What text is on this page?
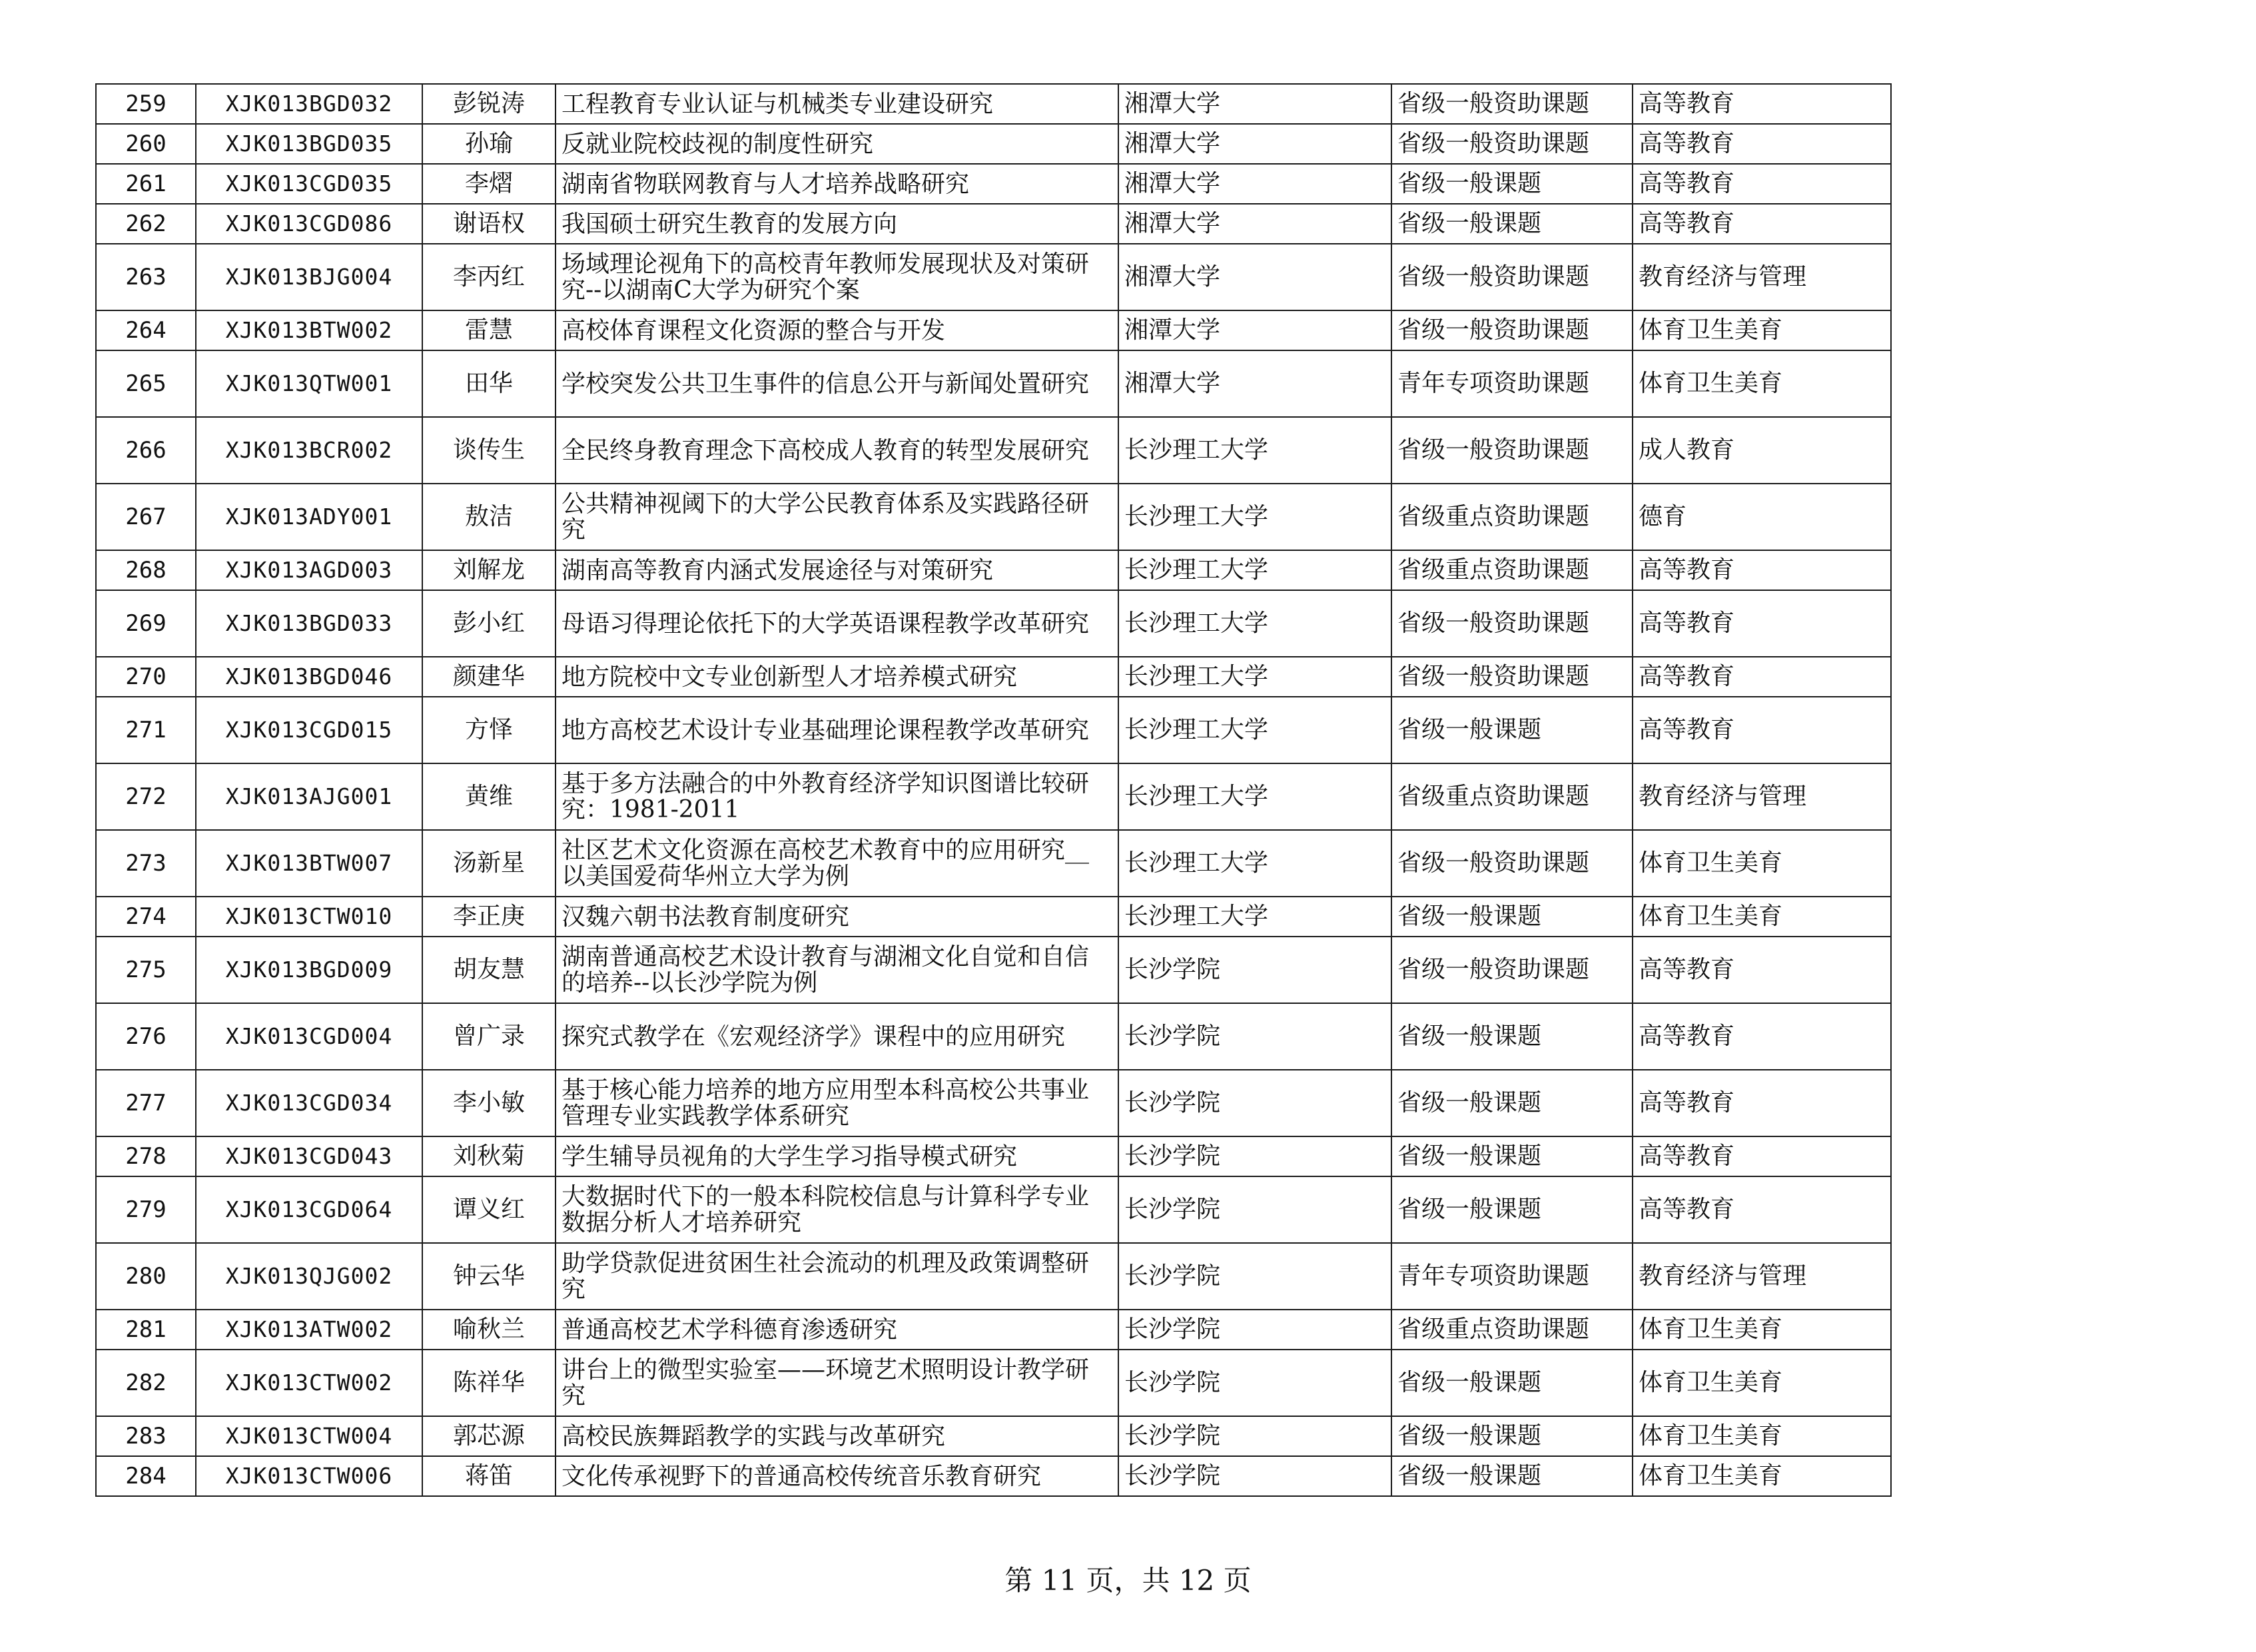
259	XJK013BGD032	彭锐涛	工程教育专业认证与机械类专业建设研究	湘潭大学	省级一般资助课题	高等教育
260	XJK013BGD035	孙瑜	反就业院校歧视的制度性研究	湘潭大学	省级一般资助课题	高等教育
261	XJK013CGD035	李熠	湖南省物联网教育与人才培养战略研究	湘潭大学	省级一般课题	高等教育
262	XJK013CGD086	谢语权	我国硕士研究生教育的发展方向	湘潭大学	省级一般课题	高等教育
263	XJK013BJG004	李丙红	场域理论视角下的高校青年教师发展现状及对策研究--以湖南C大学为研究个案	湘潭大学	省级一般资助课题	教育经济与管理
264	XJK013BTW002	雷慧	高校体育课程文化资源的整合与开发	湘潭大学	省级一般资助课题	体育卫生美育
265	XJK013QTW001	田华	学校突发公共卫生事件的信息公开与新闻处置研究	湘潭大学	青年专项资助课题	体育卫生美育
266	XJK013BCR002	谈传生	全民终身教育理念下高校成人教育的转型发展研究	长沙理工大学	省级一般资助课题	成人教育
267	XJK013ADY001	敖洁	公共精神视阈下的大学公民教育体系及实践路径研究	长沙理工大学	省级重点资助课题	德育
268	XJK013AGD003	刘解龙	湖南高等教育内涵式发展途径与对策研究	长沙理工大学	省级重点资助课题	高等教育
269	XJK013BGD033	彭小红	母语习得理论依托下的大学英语课程教学改革研究	长沙理工大学	省级一般资助课题	高等教育
270	XJK013BGD046	颜建华	地方院校中文专业创新型人才培养模式研究	长沙理工大学	省级一般资助课题	高等教育
271	XJK013CGD015	方怿	地方高校艺术设计专业基础理论课程教学改革研究	长沙理工大学	省级一般课题	高等教育
272	XJK013AJG001	黄维	基于多方法融合的中外教育经济学知识图谱比较研究：1981-2011	长沙理工大学	省级重点资助课题	教育经济与管理
273	XJK013BTW007	汤新星	社区艺术文化资源在高校艺术教育中的应用研究__以美国爱荷华州立大学为例	长沙理工大学	省级一般资助课题	体育卫生美育
274	XJK013CTW010	李正庚	汉魏六朝书法教育制度研究	长沙理工大学	省级一般课题	体育卫生美育
275	XJK013BGD009	胡友慧	湖南普通高校艺术设计教育与湖湘文化自觉和自信的培养--以长沙学院为例	长沙学院	省级一般资助课题	高等教育
276	XJK013CGD004	曾广录	探究式教学在《宏观经济学》课程中的应用研究	长沙学院	省级一般课题	高等教育
277	XJK013CGD034	李小敏	基于核心能力培养的地方应用型本科高校公共事业管理专业实践教学体系研究	长沙学院	省级一般课题	高等教育
278	XJK013CGD043	刘秋菊	学生辅导员视角的大学生学习指导模式研究	长沙学院	省级一般课题	高等教育
279	XJK013CGD064	谭义红	大数据时代下的一般本科院校信息与计算科学专业数据分析人才培养研究	长沙学院	省级一般课题	高等教育
280	XJK013QJG002	钟云华	助学贷款促进贫困生社会流动的机理及政策调整研究	长沙学院	青年专项资助课题	教育经济与管理
281	XJK013ATW002	喻秋兰	普通高校艺术学科德育渗透研究	长沙学院	省级重点资助课题	体育卫生美育
282	XJK013CTW002	陈祥华	讲台上的微型实验室——环境艺术照明设计教学研究	长沙学院	省级一般课题	体育卫生美育
283	XJK013CTW004	郭芯源	高校民族舞蹈教学的实践与改革研究	长沙学院	省级一般课题	体育卫生美育
284	XJK013CTW006	蒋笛	文化传承视野下的普通高校传统音乐教育研究	长沙学院	省级一般课题	体育卫生美育
第 11 页，共 12 页
